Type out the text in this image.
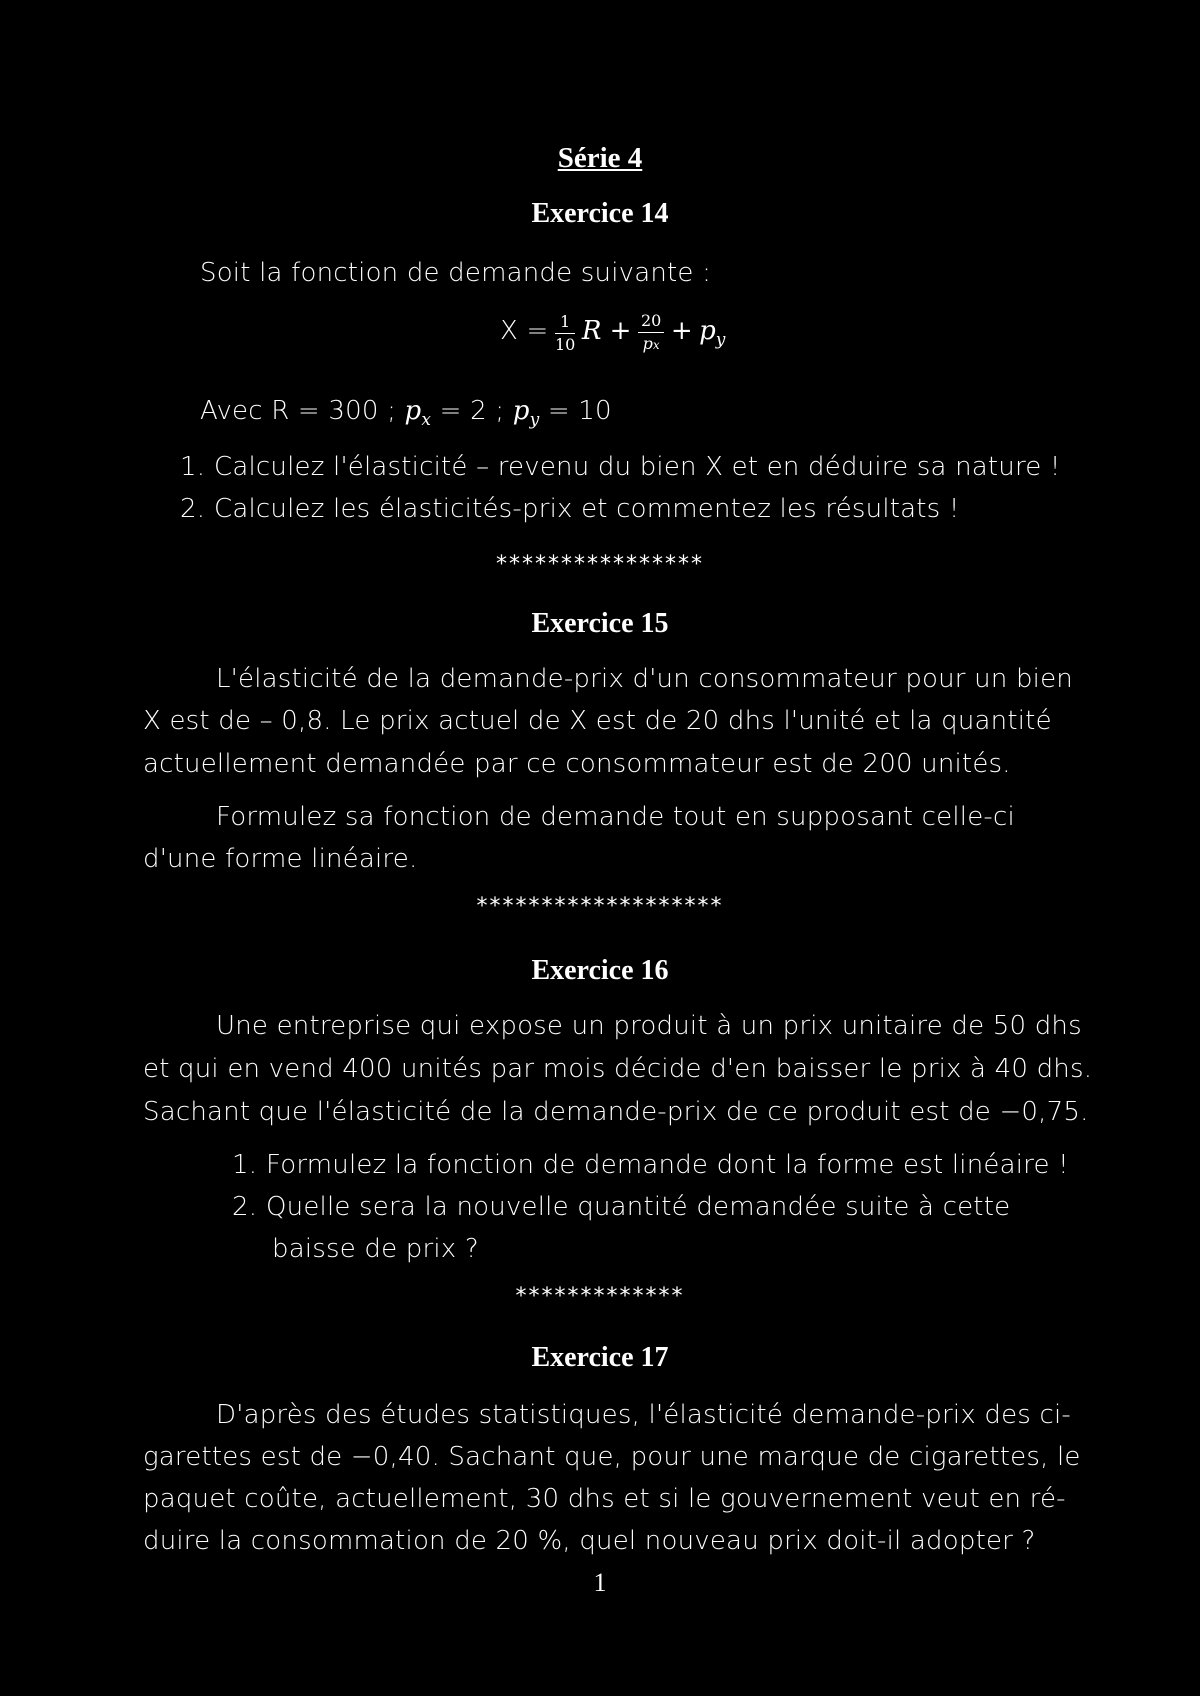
Série 4
Exercice 14
Soit la fonction de demande suivante :
$X = \frac{1}{10}$ $R + \frac{20}{px} + p_y$
Avec R = 300 ; $p_x = 2$ ; $p_y = 10$
1. Calculez l'élasticité – revenu du bien X et en déduire sa nature !
2. Calculez les élasticités-prix et commentez les résultats !
****************
Exercice 15
L'élasticité de la demande-prix d'un consommateur pour un bien
X est de – 0,8. Le prix actuel de X est de 20 dhs l'unité et la quantité
actuellement demandée par ce consommateur est de 200 unités.
Formulez sa fonction de demande tout en supposant celle-ci
d'une forme linéaire.
*******************
Exercice 16
Une entreprise qui expose un produit à un prix unitaire de 50 dhs
et qui en vend 400 unités par mois décide d'en baisser le prix à 40 dhs.
Sachant que l'élasticité de la demande-prix de ce produit est de −0,75.
1. Formulez la fonction de demande dont la forme est linéaire !
2. Quelle sera la nouvelle quantité demandée suite à cette
baisse de prix ?
*************
Exercice 17
D'après des études statistiques, l'élasticité demande-prix des ci-
garettes est de −0,40. Sachant que, pour une marque de cigarettes, le
paquet coûte, actuellement, 30 dhs et si le gouvernement veut en ré-
duire la consommation de 20 %, quel nouveau prix doit-il adopter ?
1
